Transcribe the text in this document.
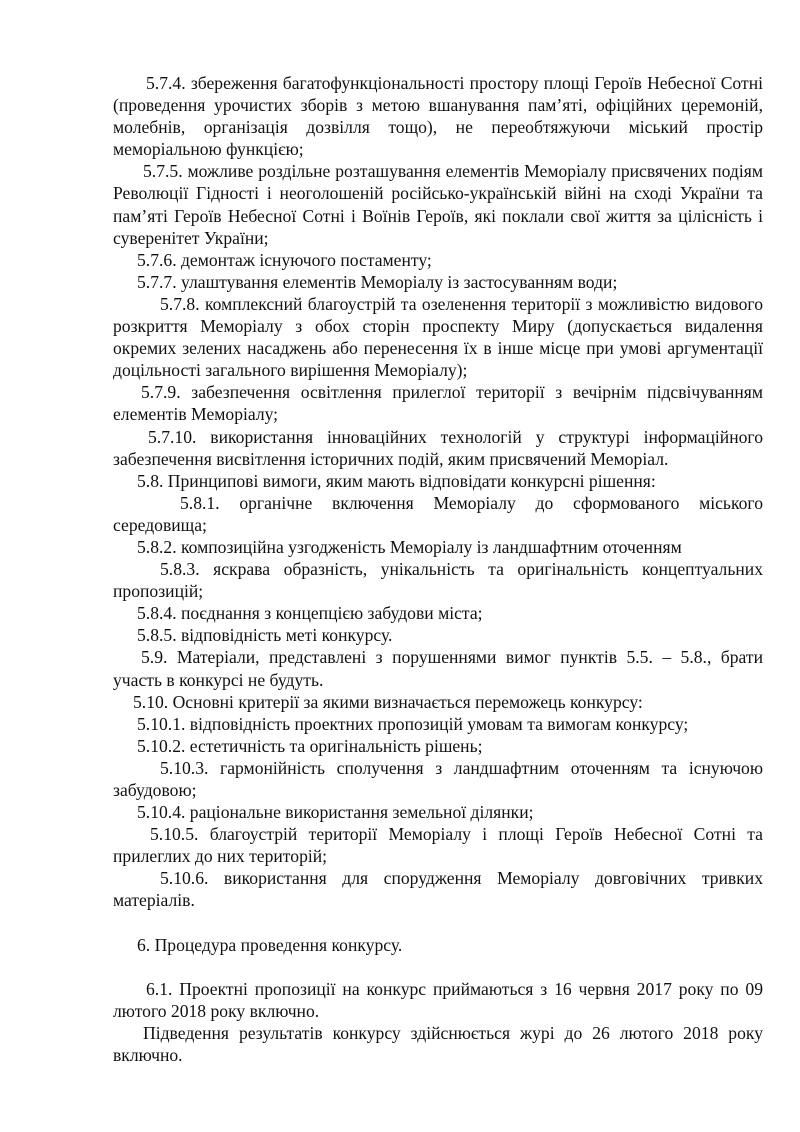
5.7.4. збереження багатофункціональності простору площі Героїв Небесної Сотні (проведення урочистих зборів з метою вшанування пам’яті, офіційних церемоній, молебнів, організація дозвілля тощо), не переобтяжуючи міський простір меморіальною функцією;

5.7.5. можливе роздільне розташування елементів Меморіалу присвячених подіям Революції Гідності і неоголошеній російсько-українській війні на сході України та пам’яті Героїв Небесної Сотні і Воїнів Героїв, які поклали свої життя за цілісність і суверенітет України;

5.7.6. демонтаж існуючого постаменту;

5.7.7. улаштування елементів Меморіалу із застосуванням води;

5.7.8. комплексний благоустрій та озеленення території з можливістю видового розкриття Меморіалу з обох сторін проспекту Миру (допускається видалення окремих зелених насаджень або перенесення їх в інше місце при умові аргументації доцільності загального вирішення Меморіалу);

5.7.9. забезпечення освітлення прилеглої території з вечірнім підсвічуванням елементів Меморіалу;

5.7.10. використання інноваційних технологій у структурі інформаційного забезпечення висвітлення історичних подій, яким присвячений Меморіал.

5.8. Принципові вимоги, яким мають відповідати конкурсні рішення:

5.8.1. органічне включення Меморіалу до сформованого міського середовища;

5.8.2. композиційна узгодженість Меморіалу із ландшафтним оточенням

5.8.3. яскрава образність, унікальність та оригінальність концептуальних пропозицій;

5.8.4. поєднання з концепцією забудови міста;

5.8.5. відповідність меті конкурсу.

5.9. Матеріали, представлені з порушеннями вимог пунктів 5.5. – 5.8., брати участь в конкурсі не будуть.

5.10. Основні критерії за якими визначається переможець конкурсу:

5.10.1. відповідність проектних пропозицій умовам та вимогам конкурсу;

5.10.2. естетичність та оригінальність рішень;

5.10.3. гармонійність сполучення з ландшафтним оточенням та існуючою забудовою;

5.10.4. раціональне використання земельної ділянки;

5.10.5. благоустрій території Меморіалу і площі Героїв Небесної Сотні та прилеглих до них територій;

5.10.6. використання для спорудження Меморіалу довговічних тривких матеріалів.

6. Процедура проведення конкурсу.

6.1. Проектні пропозиції на конкурс приймаються з 16 червня 2017 року по 09 лютого 2018 року включно.

Підведення результатів конкурсу здійснюється журі до 26 лютого 2018 року включно.
